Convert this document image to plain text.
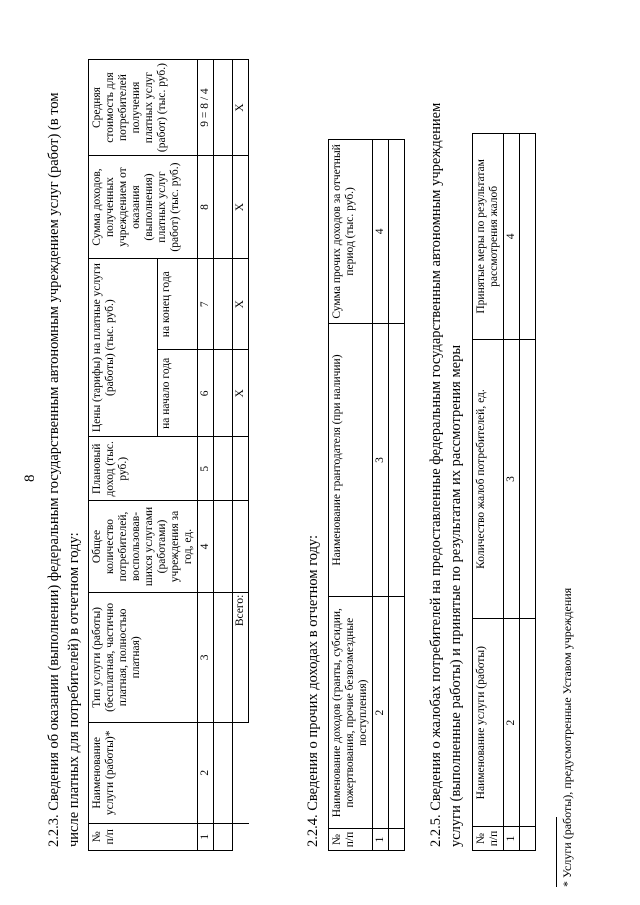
8 2.2.3. Сведения об оказании (выполнении) федеральным государственным автономным учреждением услуг (работ) (в том числе платных для потребителей) в отчетном году: № п/п	Наименование услуги (работы)*	Тип услуги (работы) (бесплатная, частично платная, полностью платная)	Общее количество потребителей, воспользовав-шихся услугами (работами) учреждения за год, ед.	Плановый доход (тыс. руб.)	Цены (тарифы) на платные услуги (работы) (тыс. руб.)		Сумма доходов, полученных учреждением от оказания (выполнения) платных услуг (работ) (тыс. руб.)	Средняя стоимость для потребителей получения платных услуг (работ) (тыс. руб.)
					на начало года	на конец года		
1	2	3	4	5	6	7	8	9 = 8 / 4

		Всего:			X	X	X	X
2.2.4. Сведения о прочих доходах в отчетном году: № п/п	Наименование доходов (гранты, субсидии, пожертвования, прочие безвозмездные поступления)	Наименование грантодателя (при наличии)	Сумма прочих доходов за отчетный период (тыс. руб.)
1	2	3	4
				2.2.5. Сведения о жалобах потребителей на предоставленные федеральным государственным автономным учреждением услуги (выполненные работы) и принятые по результатам их рассмотрения меры № п/п	Наименование услуги (работы)	Количество жалоб потребителей, ед.	Принятые меры по результатам рассмотрения жалоб
1	2	3	4

* Услуги (работы), предусмотренные Уставом учреждения
